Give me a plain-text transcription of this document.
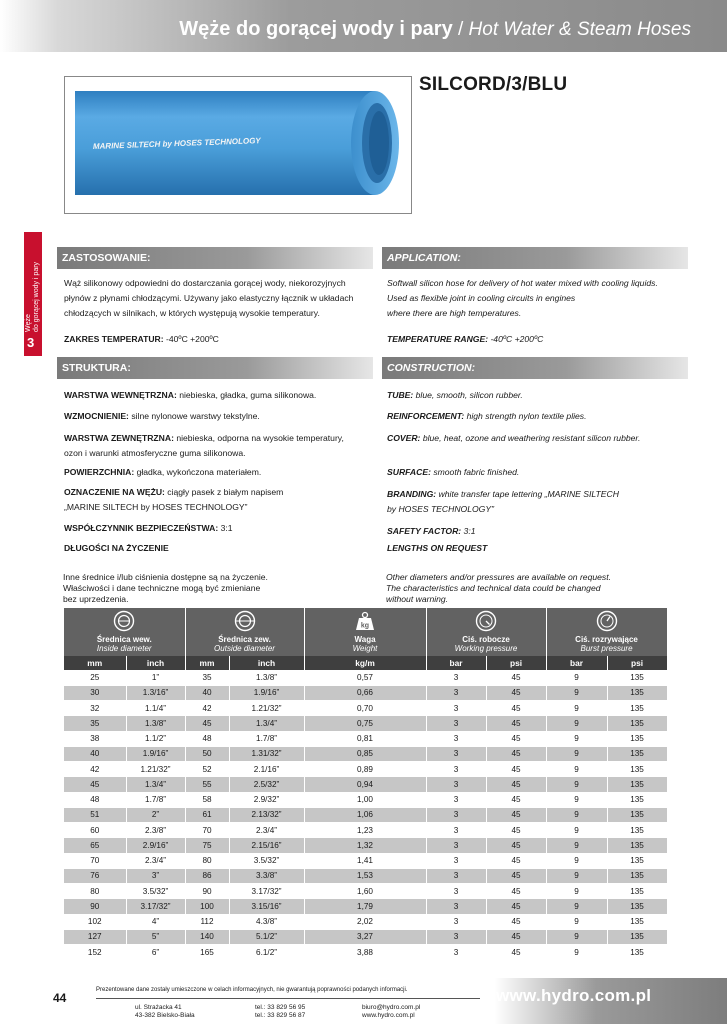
Węże do gorącej wody i pary / Hot Water & Steam Hoses
SILCORD/3/BLU
MARINE SILTECH by HOSES TECHNOLOGY
Węże
do gorącej wody i pary
3
ZASTOSOWANIE:	APPLICATION:
Wąż silikonowy odpowiedni do dostarczania gorącej wody, niekorozyjnych
płynów z płynami chłodzącymi. Używany jako elastyczny łącznik w układach
chłodzących w silnikach, w których występują wysokie temperatury.
Softwall silicon hose for delivery of hot water mixed with cooling liquids.
Used as flexible joint in cooling circuits in engines
where there are high temperatures.
ZAKRES TEMPERATUR: -40ºC +200ºC	TEMPERATURE RANGE: -40ºC +200ºC
STRUKTURA:	CONSTRUCTION:
WARSTWA WEWNĘTRZNA: niebieska, gładka, guma silikonowa.
WZMOCNIENIE: silne nylonowe warstwy tekstylne.
WARSTWA ZEWNĘTRZNA: niebieska, odporna na wysokie temperatury,
ozon i warunki atmosferyczne guma silikonowa.
POWIERZCHNIA: gładka, wykończona materiałem.
OZNACZENIE NA WĘŻU: ciągły pasek z białym napisem
„MARINE SILTECH by HOSES TECHNOLOGY”
WSPÓŁCZYNNIK BEZPIECZEŃSTWA: 3:1
DŁUGOŚCI NA ŻYCZENIE
TUBE: blue, smooth, silicon rubber.
REINFORCEMENT: high strength nylon textile plies.
COVER: blue, heat, ozone and weathering resistant silicon rubber.
SURFACE: smooth fabric finished.
BRANDING: white transfer tape lettering „MARINE SILTECH
by HOSES TECHNOLOGY”
SAFETY FACTOR: 3:1
LENGTHS ON REQUEST
Inne średnice i/lub ciśnienia dostępne są na życzenie.
Właściwości i dane techniczne mogą być zmieniane
bez uprzedzenia.
Other diameters and/or pressures are available on request.
The characteristics and technical data could be changed
without warning.
Średnica wew.
Inside diameter		Średnica zew.
Outside diameter		kg
Waga
Weight	Ciś. robocze
Working pressure		Ciś. rozrywające
Burst pressure	

mm	inch	mm	inch	kg/m	bar	psi	bar	psi
25	1”	35	1.3/8”	0,57	3	45	9	135
30	1.3/16”	40	1.9/16”	0,66	3	45	9	135
32	1.1/4”	42	1.21/32”	0,70	3	45	9	135
35	1.3/8”	45	1.3/4”	0,75	3	45	9	135
38	1.1/2”	48	1.7/8”	0,81	3	45	9	135
40	1.9/16”	50	1.31/32”	0,85	3	45	9	135
42	1.21/32”	52	2.1/16”	0,89	3	45	9	135
45	1.3/4”	55	2.5/32”	0,94	3	45	9	135
48	1.7/8”	58	2.9/32”	1,00	3	45	9	135
51	2”	61	2.13/32”	1,06	3	45	9	135
60	2.3/8”	70	2.3/4”	1,23	3	45	9	135
65	2.9/16”	75	2.15/16”	1,32	3	45	9	135
70	2.3/4”	80	3.5/32”	1,41	3	45	9	135
76	3”	86	3.3/8”	1,53	3	45	9	135
80	3.5/32”	90	3.17/32”	1,60	3	45	9	135
90	3.17/32”	100	3.15/16”	1,79	3	45	9	135
102	4”	112	4.3/8”	2,02	3	45	9	135
127	5”	140	5.1/2”	3,27	3	45	9	135
152	6”	165	6.1/2”	3,88	3	45	9	135
44
Prezentowane dane zostały umieszczone w celach informacyjnych, nie gwarantują poprawności podanych informacji.
ul. Strażacka 41
43-382 Bielsko-Biała
tel.: 33 829 56 95
tel.: 33 829 56 87
biuro@hydro.com.pl
www.hydro.com.pl
www.hydro.com.pl
